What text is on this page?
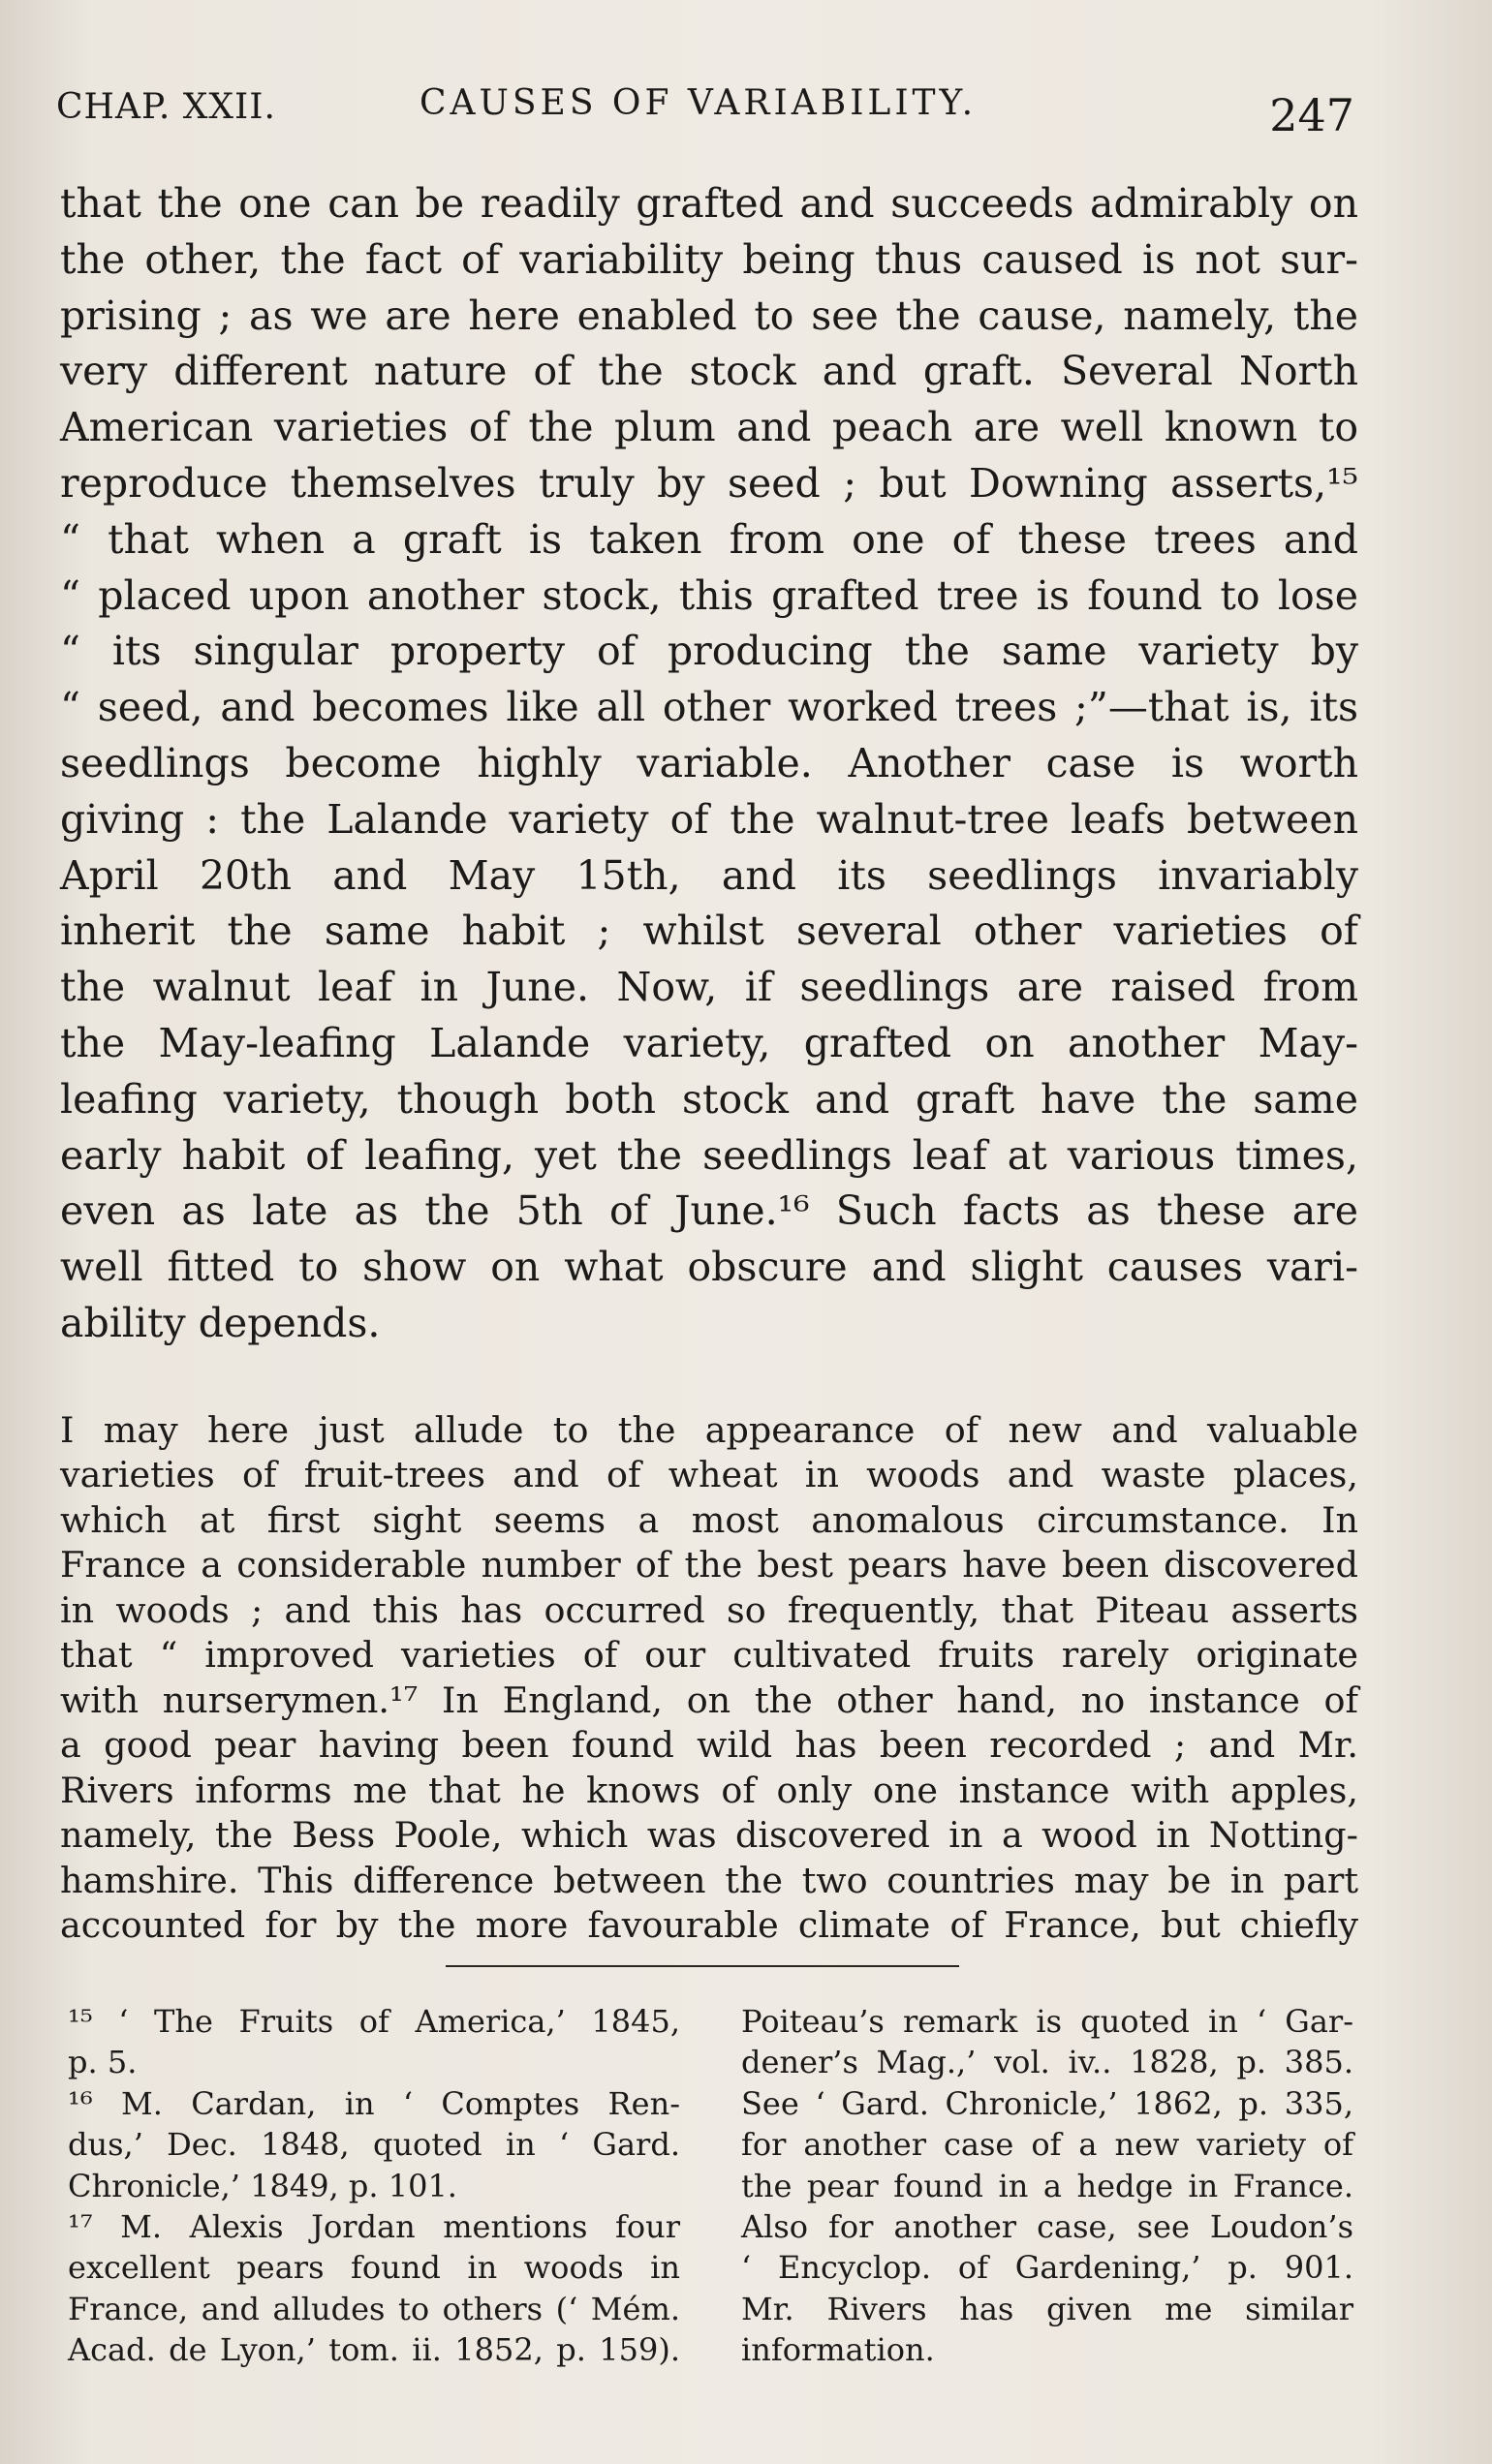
CHAP. XXII.	CAUSES OF VARIABILITY.	247
that the one can be readily grafted and succeeds admirably on
the other, the fact of variability being thus caused is not sur-
prising ; as we are here enabled to see the cause, namely, the
very different nature of the stock and graft. Several North
American varieties of the plum and peach are well known to
reproduce themselves truly by seed ; but Downing asserts,¹⁵
“ that when a graft is taken from one of these trees and
“ placed upon another stock, this grafted tree is found to lose
“ its singular property of producing the same variety by
“ seed, and becomes like all other worked trees ;”—that is, its
seedlings become highly variable. Another case is worth
giving : the Lalande variety of the walnut-tree leafs between
April 20th and May 15th, and its seedlings invariably
inherit the same habit ; whilst several other varieties of
the walnut leaf in June. Now, if seedlings are raised from
the May-leafing Lalande variety, grafted on another May-
leafing variety, though both stock and graft have the same
early habit of leafing, yet the seedlings leaf at various times,
even as late as the 5th of June.¹⁶ Such facts as these are
well fitted to show on what obscure and slight causes vari-
ability depends.
I may here just allude to the appearance of new and valuable
varieties of fruit-trees and of wheat in woods and waste places,
which at first sight seems a most anomalous circumstance. In
France a considerable number of the best pears have been discovered
in woods ; and this has occurred so frequently, that Piteau asserts
that “ improved varieties of our cultivated fruits rarely originate
with nurserymen.¹⁷ In England, on the other hand, no instance of
a good pear having been found wild has been recorded ; and Mr.
Rivers informs me that he knows of only one instance with apples,
namely, the Bess Poole, which was discovered in a wood in Notting-
hamshire. This difference between the two countries may be in part
accounted for by the more favourable climate of France, but chiefly
¹⁵ ‘ The Fruits of America,’ 1845,
p. 5.
¹⁶ M. Cardan, in ‘ Comptes Ren-
dus,’ Dec. 1848, quoted in ‘ Gard.
Chronicle,’ 1849, p. 101.
¹⁷ M. Alexis Jordan mentions four
excellent pears found in woods in
France, and alludes to others (‘ Mém.
Acad. de Lyon,’ tom. ii. 1852, p. 159).
Poiteau’s remark is quoted in ‘ Gar-
dener’s Mag.,’ vol. iv.. 1828, p. 385.
See ‘ Gard. Chronicle,’ 1862, p. 335,
for another case of a new variety of
the pear found in a hedge in France.
Also for another case, see Loudon’s
‘ Encyclop. of Gardening,’ p. 901.
Mr. Rivers has given me similar
information.
